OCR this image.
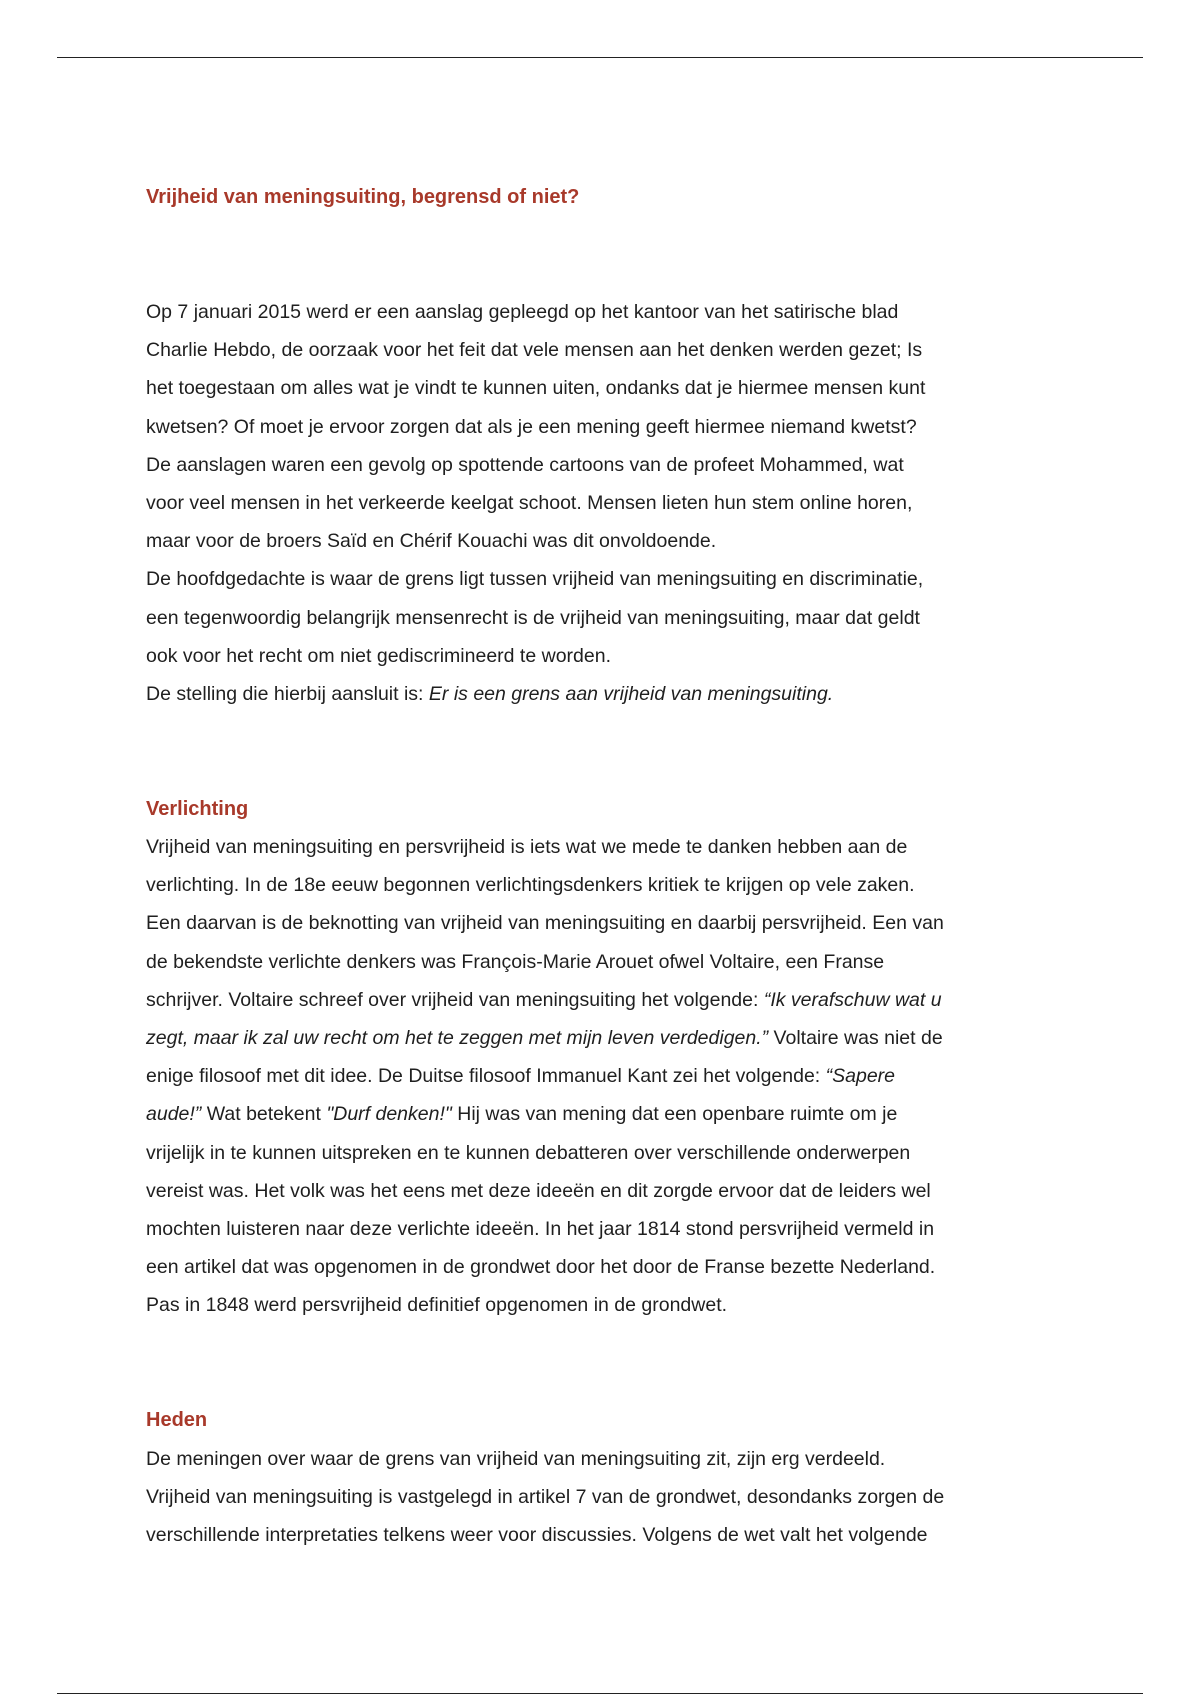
Vrijheid van meningsuiting, begrensd of niet?
Op 7 januari 2015 werd er een aanslag gepleegd op het kantoor van het satirische blad
Charlie Hebdo, de oorzaak voor het feit dat vele mensen aan het denken werden gezet; Is
het toegestaan om alles wat je vindt te kunnen uiten, ondanks dat je hiermee mensen kunt
kwetsen? Of moet je ervoor zorgen dat als je een mening geeft hiermee niemand kwetst?
De aanslagen waren een gevolg op spottende cartoons van de profeet Mohammed, wat
voor veel mensen in het verkeerde keelgat schoot. Mensen lieten hun stem online horen,
maar voor de broers Saïd en Chérif Kouachi was dit onvoldoende.
De hoofdgedachte is waar de grens ligt tussen vrijheid van meningsuiting en discriminatie,
een tegenwoordig belangrijk mensenrecht is de vrijheid van meningsuiting, maar dat geldt
ook voor het recht om niet gediscrimineerd te worden.
De stelling die hierbij aansluit is: Er is een grens aan vrijheid van meningsuiting.
Verlichting
Vrijheid van meningsuiting en persvrijheid is iets wat we mede te danken hebben aan de
verlichting. In de 18e eeuw begonnen verlichtingsdenkers kritiek te krijgen op vele zaken.
Een daarvan is de beknotting van vrijheid van meningsuiting en daarbij persvrijheid. Een van
de bekendste verlichte denkers was François-Marie Arouet ofwel Voltaire, een Franse
schrijver. Voltaire schreef over vrijheid van meningsuiting het volgende: “Ik verafschuw wat u
zegt, maar ik zal uw recht om het te zeggen met mijn leven verdedigen.” Voltaire was niet de
enige filosoof met dit idee. De Duitse filosoof Immanuel Kant zei het volgende: “Sapere
aude!” Wat betekent "Durf denken!" Hij was van mening dat een openbare ruimte om je
vrijelijk in te kunnen uitspreken en te kunnen debatteren over verschillende onderwerpen
vereist was. Het volk was het eens met deze ideeën en dit zorgde ervoor dat de leiders wel
mochten luisteren naar deze verlichte ideeën. In het jaar 1814 stond persvrijheid vermeld in
een artikel dat was opgenomen in de grondwet door het door de Franse bezette Nederland.
Pas in 1848 werd persvrijheid definitief opgenomen in de grondwet.
Heden
De meningen over waar de grens van vrijheid van meningsuiting zit, zijn erg verdeeld.
Vrijheid van meningsuiting is vastgelegd in artikel 7 van de grondwet, desondanks zorgen de
verschillende interpretaties telkens weer voor discussies. Volgens de wet valt het volgende
